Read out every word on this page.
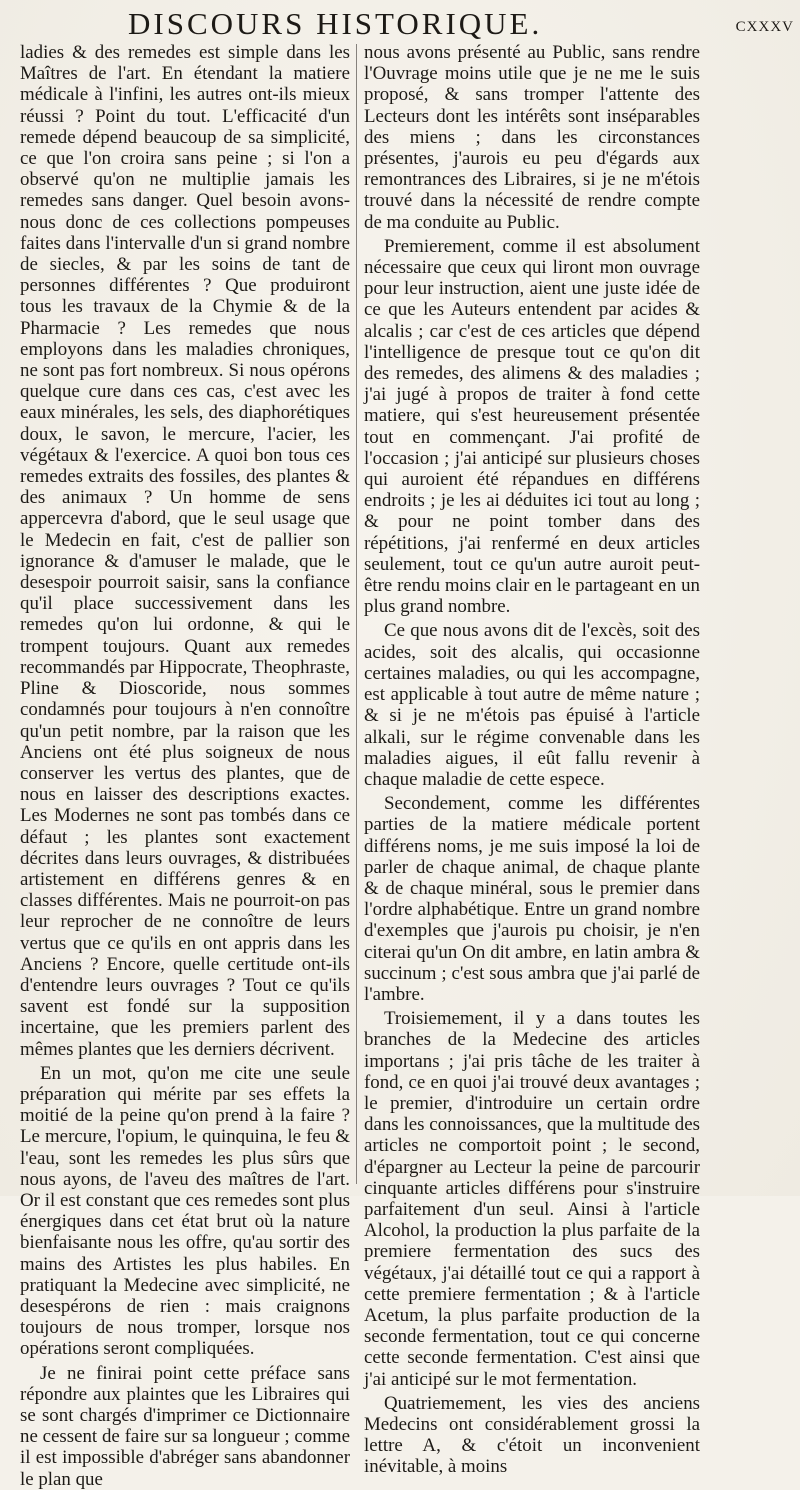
DISCOURS HISTORIQUE.	cxxxv

ladies & des remedes est simple dans les Maîtres de l'art. En étendant la matiere médicale à l'infini, les autres ont-ils mieux réussi ? Point du tout. L'efficacité d'un remede dépend beaucoup de sa simplicité, ce que l'on croira sans peine ; si l'on a observé qu'on ne multiplie jamais les remedes sans danger. Quel besoin avons-nous donc de ces collections pompeuses faites dans l'intervalle d'un si grand nombre de siecles, & par les soins de tant de personnes différentes ? Que produiront tous les travaux de la Chymie & de la Pharmacie ? Les remedes que nous employons dans les maladies chroniques, ne sont pas fort nombreux. Si nous opérons quelque cure dans ces cas, c'est avec les eaux minérales, les sels, des diaphorétiques doux, le savon, le mercure, l'acier, les végétaux & l'exercice. A quoi bon tous ces remedes extraits des fossiles, des plantes & des animaux ? Un homme de sens appercevra d'abord, que le seul usage que le Medecin en fait, c'est de pallier son ignorance & d'amuser le malade, que le desespoir pourroit saisir, sans la confiance qu'il place successivement dans les remedes qu'on lui ordonne, & qui le trompent toujours. Quant aux remedes recommandés par Hippocrate, Theophraste, Pline & Dioscoride, nous sommes condamnés pour toujours à n'en connoître qu'un petit nombre, par la raison que les Anciens ont été plus soigneux de nous conserver les vertus des plantes, que de nous en laisser des descriptions exactes. Les Modernes ne sont pas tombés dans ce défaut ; les plantes sont exactement décrites dans leurs ouvrages, & distribuées artistement en différens genres & en classes différentes. Mais ne pourroit-on pas leur reprocher de ne connoître de leurs vertus que ce qu'ils en ont appris dans les Anciens ? Encore, quelle certitude ont-ils d'entendre leurs ouvrages ? Tout ce qu'ils savent est fondé sur la supposition incertaine, que les premiers parlent des mêmes plantes que les derniers décrivent.

En un mot, qu'on me cite une seule préparation qui mérite par ses effets la moitié de la peine qu'on prend à la faire ? Le mercure, l'opium, le quinquina, le feu & l'eau, sont les remedes les plus sûrs que nous ayons, de l'aveu des maîtres de l'art. Or il est constant que ces remedes sont plus énergiques dans cet état brut où la nature bienfaisante nous les offre, qu'au sortir des mains des Artistes les plus habiles. En pratiquant la Medecine avec simplicité, ne desespérons de rien : mais craignons toujours de nous tromper, lorsque nos opérations seront compliquées.

Je ne finirai point cette préface sans répondre aux plaintes que les Libraires qui se sont chargés d'imprimer ce Dictionnaire ne cessent de faire sur sa longueur ; comme il est impossible d'abréger sans abandonner le plan que

nous avons présenté au Public, sans rendre l'Ouvrage moins utile que je ne me le suis proposé, & sans tromper l'attente des Lecteurs dont les intérêts sont inséparables des miens ; dans les circonstances présentes, j'aurois eu peu d'égards aux remontrances des Libraires, si je ne m'étois trouvé dans la nécessité de rendre compte de ma conduite au Public.

Premierement, comme il est absolument nécessaire que ceux qui liront mon ouvrage pour leur instruction, aient une juste idée de ce que les Auteurs entendent par acides & alcalis ; car c'est de ces articles que dépend l'intelligence de presque tout ce qu'on dit des remedes, des alimens & des maladies ; j'ai jugé à propos de traiter à fond cette matiere, qui s'est heureusement présentée tout en commençant. J'ai profité de l'occasion ; j'ai anticipé sur plusieurs choses qui auroient été répandues en différens endroits ; je les ai déduites ici tout au long ; & pour ne point tomber dans des répétitions, j'ai renfermé en deux articles seulement, tout ce qu'un autre auroit peut-être rendu moins clair en le partageant en un plus grand nombre.

Ce que nous avons dit de l'excès, soit des acides, soit des alcalis, qui occasionne certaines maladies, ou qui les accompagne, est applicable à tout autre de même nature ; & si je ne m'étois pas épuisé à l'article alkali, sur le régime convenable dans les maladies aigues, il eût fallu revenir à chaque maladie de cette espece.

Secondement, comme les différentes parties de la matiere médicale portent différens noms, je me suis imposé la loi de parler de chaque animal, de chaque plante & de chaque minéral, sous le premier dans l'ordre alphabétique. Entre un grand nombre d'exemples que j'aurois pu choisir, je n'en citerai qu'un On dit ambre, en latin ambra & succinum ; c'est sous ambra que j'ai parlé de l'ambre.

Troisiemement, il y a dans toutes les branches de la Medecine des articles importans ; j'ai pris tâche de les traiter à fond, ce en quoi j'ai trouvé deux avantages ; le premier, d'introduire un certain ordre dans les connoissances, que la multitude des articles ne comportoit point ; le second, d'épargner au Lecteur la peine de parcourir cinquante articles différens pour s'instruire parfaitement d'un seul. Ainsi à l'article Alcohol, la production la plus parfaite de la premiere fermentation des sucs des végétaux, j'ai détaillé tout ce qui a rapport à cette premiere fermentation ; & à l'article Acetum, la plus parfaite production de la seconde fermentation, tout ce qui concerne cette seconde fermentation. C'est ainsi que j'ai anticipé sur le mot fermentation.

Quatriemement, les vies des anciens Medecins ont considérablement grossi la lettre A, & c'étoit un inconvenient inévitable, à moins
